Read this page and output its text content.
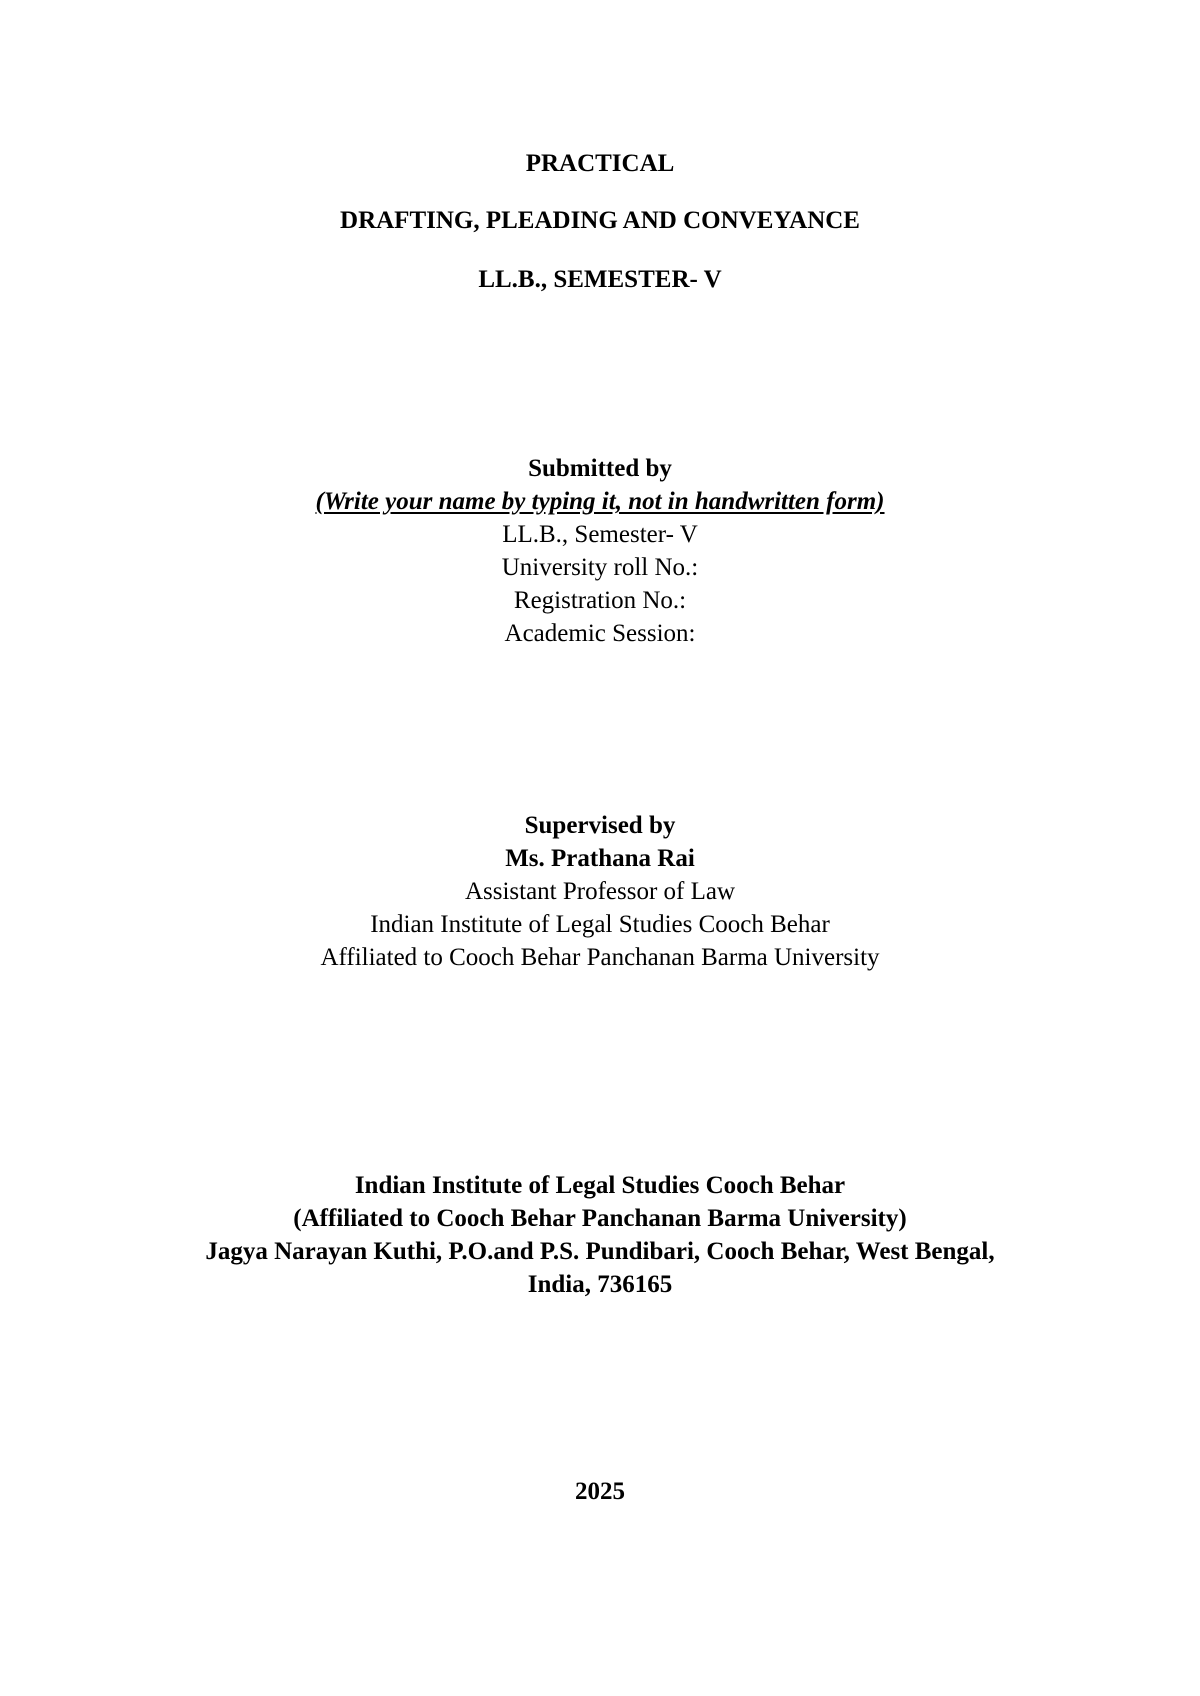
PRACTICAL
DRAFTING, PLEADING AND CONVEYANCE
LL.B., SEMESTER- V
Submitted by
(Write your name by typing it, not in handwritten form)
LL.B., Semester- V
University roll No.:
Registration No.:
Academic Session:
Supervised by
Ms. Prathana Rai
Assistant Professor of Law
Indian Institute of Legal Studies Cooch Behar
Affiliated to Cooch Behar Panchanan Barma University
Indian Institute of Legal Studies Cooch Behar
(Affiliated to Cooch Behar Panchanan Barma University)
Jagya Narayan Kuthi, P.O.and P.S. Pundibari, Cooch Behar, West Bengal,
India, 736165
2025
